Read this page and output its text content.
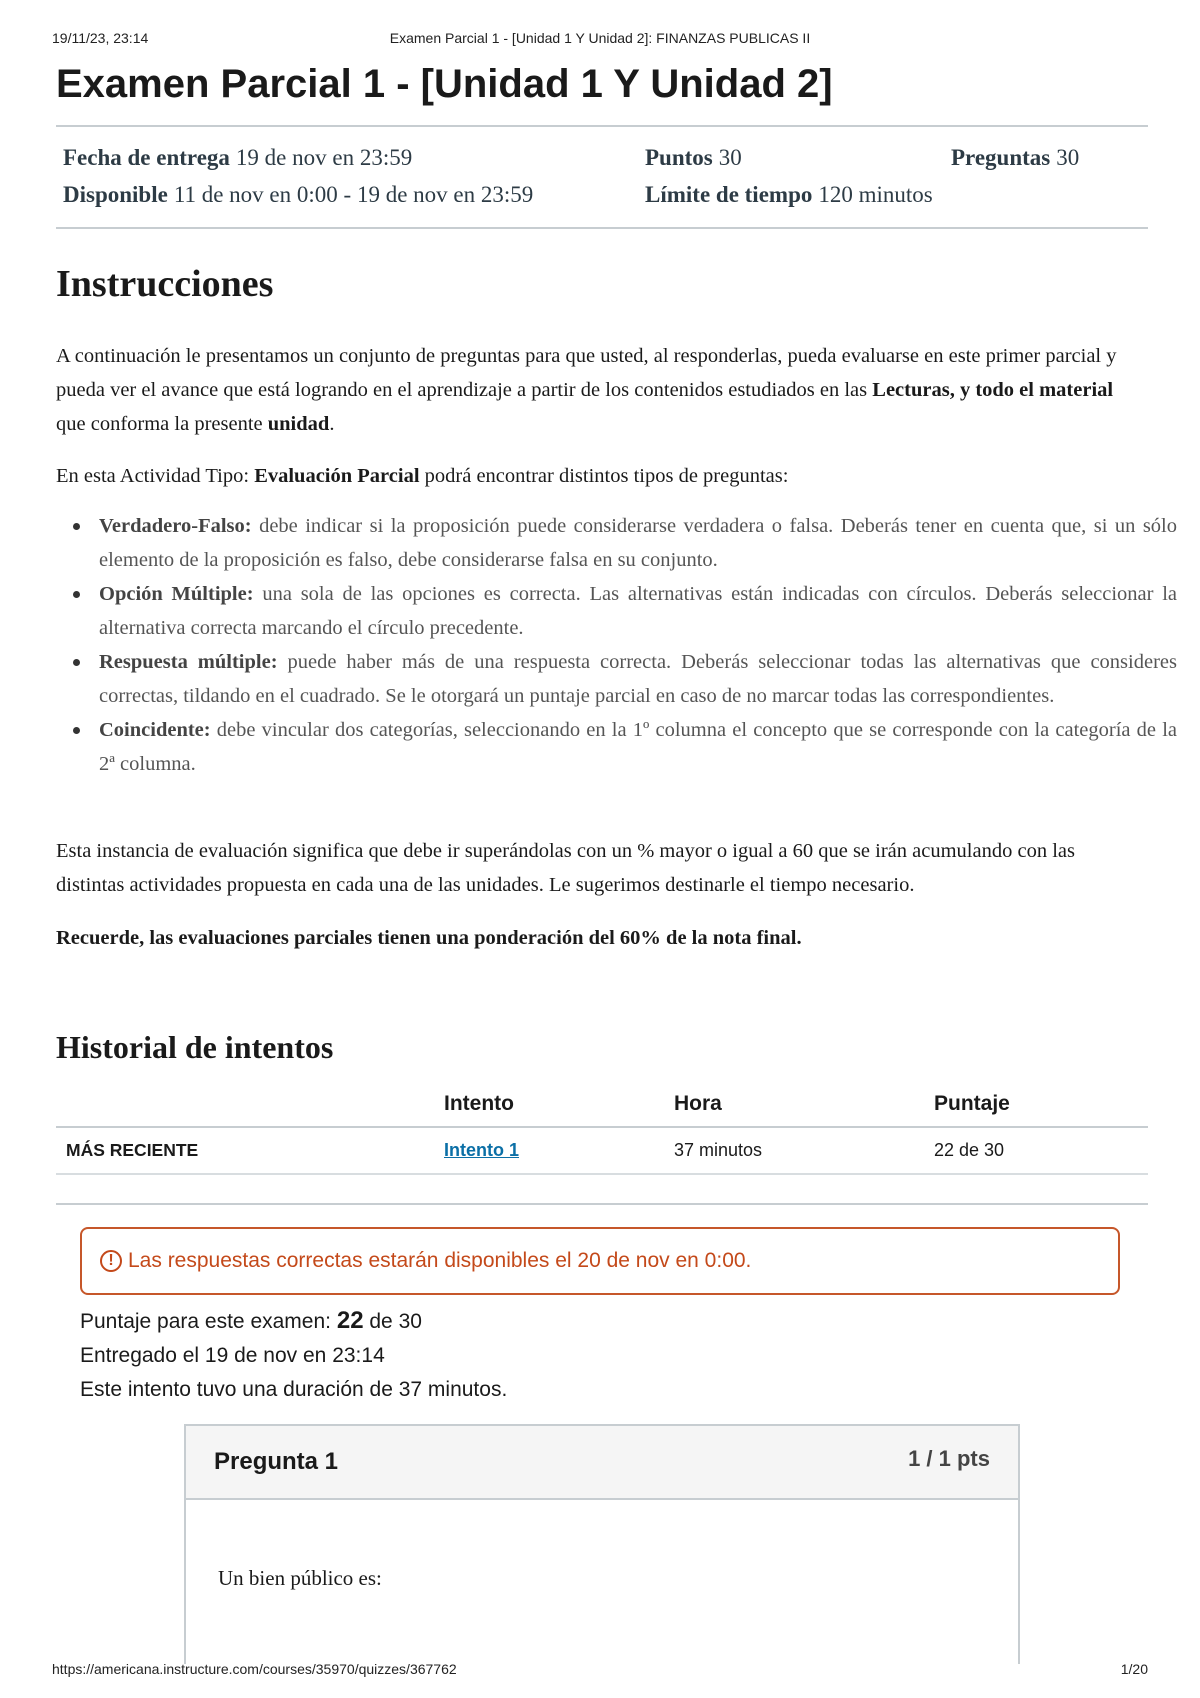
19/11/23, 23:14	Examen Parcial 1 - [Unidad 1 Y Unidad 2]: FINANZAS PUBLICAS II
Examen Parcial 1 - [Unidad 1 Y Unidad 2]
Fecha de entrega 19 de nov en 23:59	Puntos 30	Preguntas 30
Disponible 11 de nov en 0:00 - 19 de nov en 23:59	Límite de tiempo 120 minutos
Instrucciones
A continuación le presentamos un conjunto de preguntas para que usted, al responderlas, pueda evaluarse en este primer parcial y pueda ver el avance que está logrando en el aprendizaje a partir de los contenidos estudiados en las Lecturas, y todo el material que conforma la presente unidad.
En esta Actividad Tipo: Evaluación Parcial podrá encontrar distintos tipos de preguntas:
Verdadero-Falso: debe indicar si la proposición puede considerarse verdadera o falsa. Deberás tener en cuenta que, si un sólo elemento de la proposición es falso, debe considerarse falsa en su conjunto.
Opción Múltiple: una sola de las opciones es correcta. Las alternativas están indicadas con círculos. Deberás seleccionar la alternativa correcta marcando el círculo precedente.
Respuesta múltiple: puede haber más de una respuesta correcta. Deberás seleccionar todas las alternativas que consideres correctas, tildando en el cuadrado. Se le otorgará un puntaje parcial en caso de no marcar todas las correspondientes.
Coincidente: debe vincular dos categorías, seleccionando en la 1º columna el concepto que se corresponde con la categoría de la 2ª columna.
Esta instancia de evaluación significa que debe ir superándolas con un % mayor o igual a 60 que se irán acumulando con las distintas actividades propuesta en cada una de las unidades. Le sugerimos destinarle el tiempo necesario.
Recuerde, las evaluaciones parciales tienen una ponderación del 60% de la nota final.
Historial de intentos
	Intento	Hora	Puntaje
MÁS RECIENTE	Intento 1	37 minutos	22 de 30
! Las respuestas correctas estarán disponibles el 20 de nov en 0:00.
Puntaje para este examen: 22 de 30
Entregado el 19 de nov en 23:14
Este intento tuvo una duración de 37 minutos.
Pregunta 1	1 / 1 pts
Un bien público es:
https://americana.instructure.com/courses/35970/quizzes/367762	1/20
